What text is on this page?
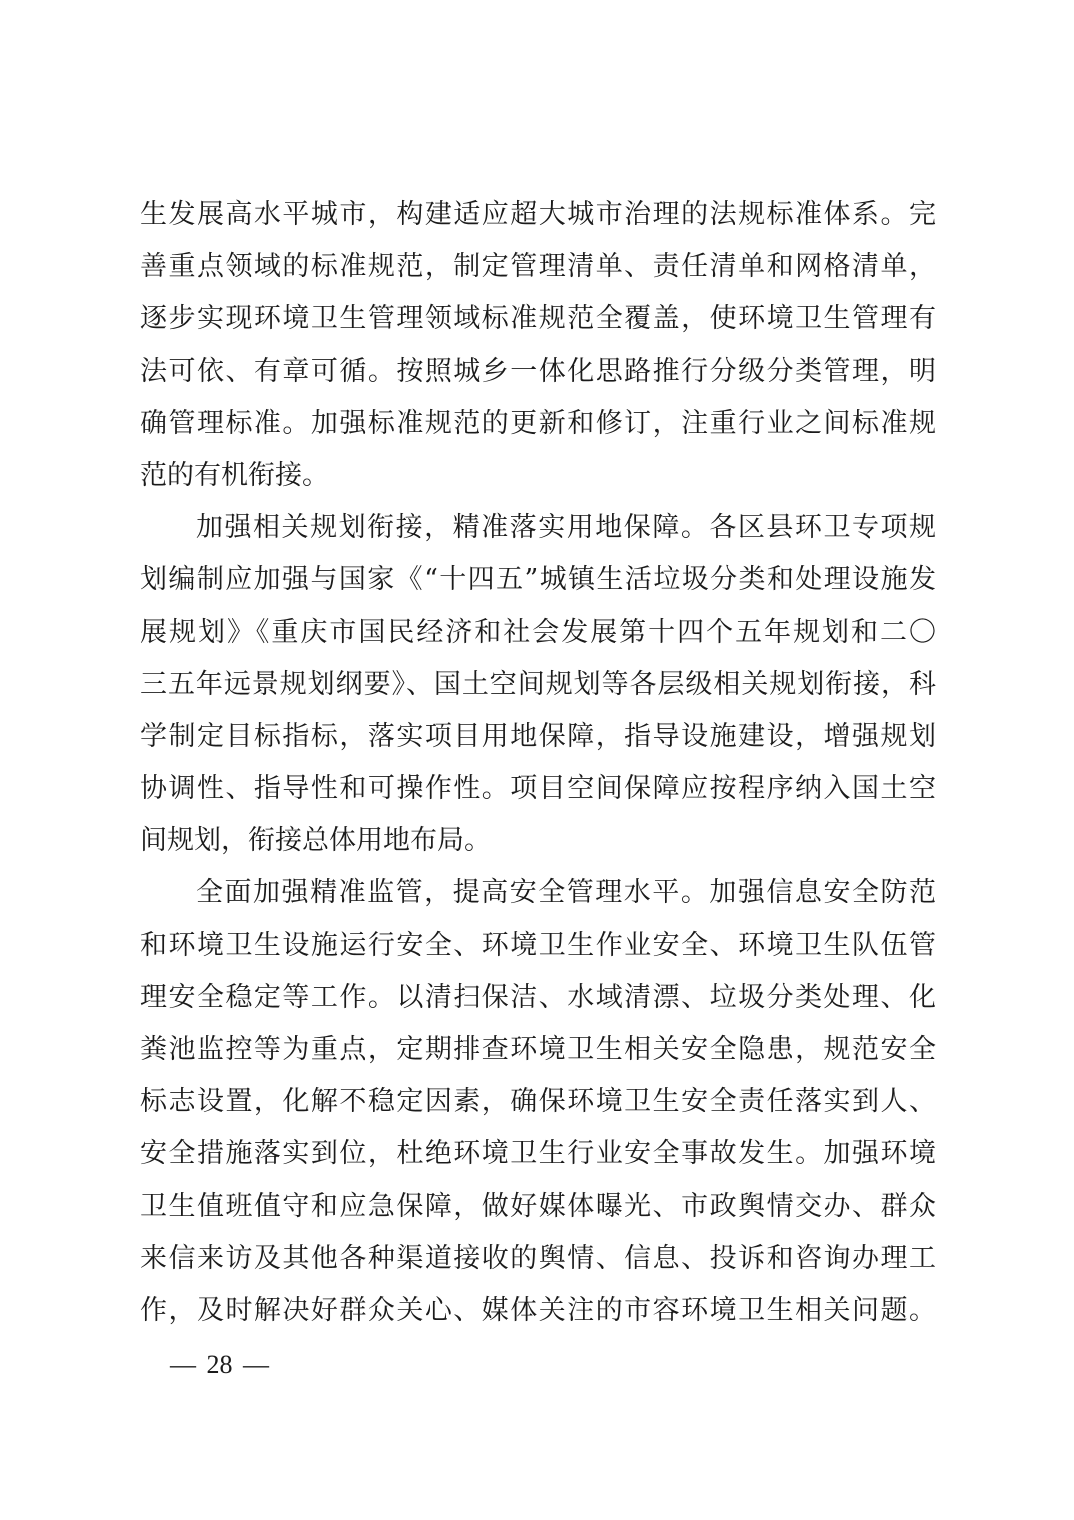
生发展高水平城市，构建适应超大城市治理的法规标准体系。完
善重点领域的标准规范，制定管理清单、责任清单和网格清单，
逐步实现环境卫生管理领域标准规范全覆盖，使环境卫生管理有
法可依、有章可循。按照城乡一体化思路推行分级分类管理，明
确管理标准。加强标准规范的更新和修订，注重行业之间标准规
范的有机衔接。
加强相关规划衔接，精准落实用地保障。各区县环卫专项规
划编制应加强与国家《“十四五”城镇生活垃圾分类和处理设施发
展规划》《重庆市国民经济和社会发展第十四个五年规划和二〇
三五年远景规划纲要》、国土空间规划等各层级相关规划衔接，科
学制定目标指标，落实项目用地保障，指导设施建设，增强规划
协调性、指导性和可操作性。项目空间保障应按程序纳入国土空
间规划，衔接总体用地布局。
全面加强精准监管，提高安全管理水平。加强信息安全防范
和环境卫生设施运行安全、环境卫生作业安全、环境卫生队伍管
理安全稳定等工作。以清扫保洁、水域清漂、垃圾分类处理、化
粪池监控等为重点，定期排查环境卫生相关安全隐患，规范安全
标志设置，化解不稳定因素，确保环境卫生安全责任落实到人、
安全措施落实到位，杜绝环境卫生行业安全事故发生。加强环境
卫生值班值守和应急保障，做好媒体曝光、市政舆情交办、群众
来信来访及其他各种渠道接收的舆情、信息、投诉和咨询办理工
作，及时解决好群众关心、媒体关注的市容环境卫生相关问题。
— 28 —
